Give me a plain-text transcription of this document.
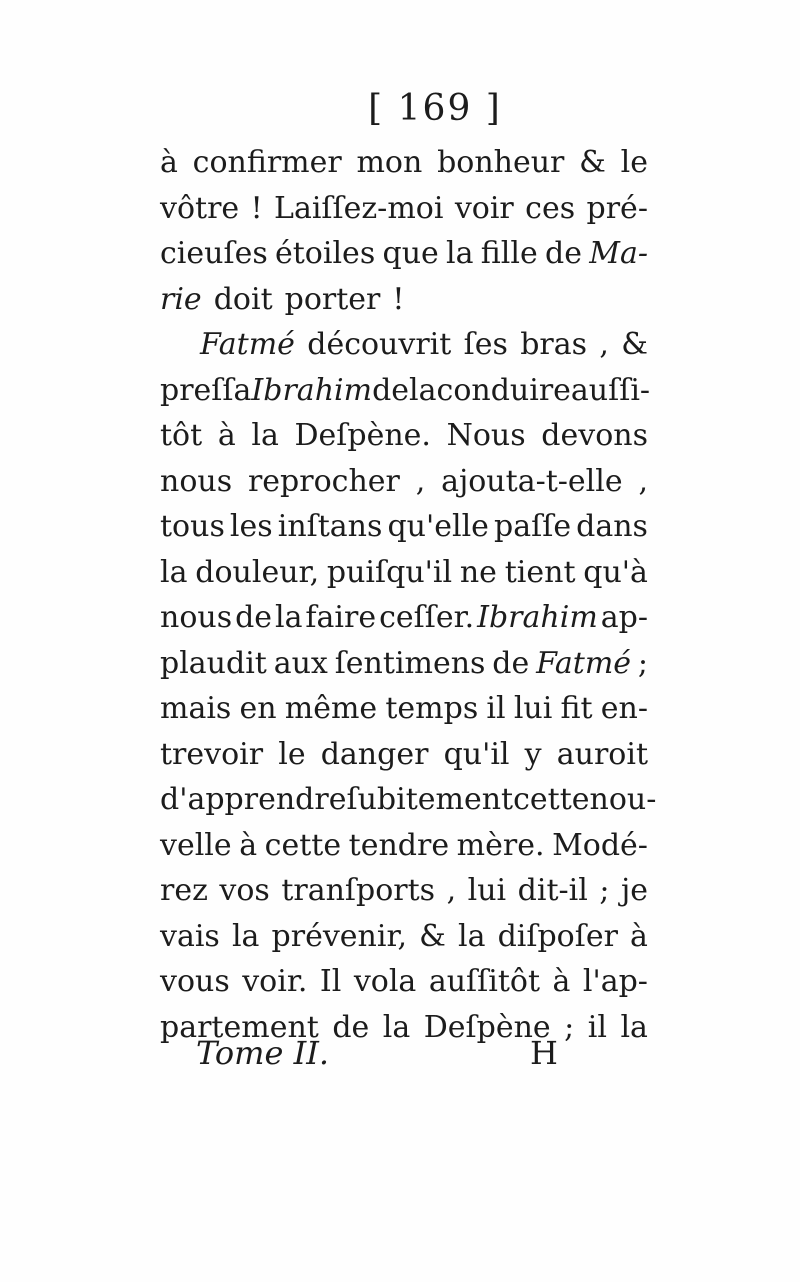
[ 169 ]
à confirmer mon bonheur & le
vôtre ! Laiſſez-moi voir ces pré-
cieuſes étoiles que la fille de Ma-
rie doit porter !
Fatmé découvrit ſes bras , &
preſſa Ibrahim de la conduire auſſi-
tôt à la Deſpène. Nous devons
nous reprocher , ajouta-t-elle ,
tous les inſtans qu'elle paſſe dans
la douleur, puiſqu'il ne tient qu'à
nous de la faire ceſſer. Ibrahim ap-
plaudit aux ſentimens de Fatmé ;
mais en même temps il lui fit en-
trevoir le danger qu'il y auroit
d'apprendre ſubitement cette nou-
velle à cette tendre mère. Modé-
rez vos tranſports , lui dit-il ; je
vais la prévenir, & la diſpoſer à
vous voir. Il vola auſſitôt à l'ap-
partement de la Deſpène ; il la
Tome II.	H
